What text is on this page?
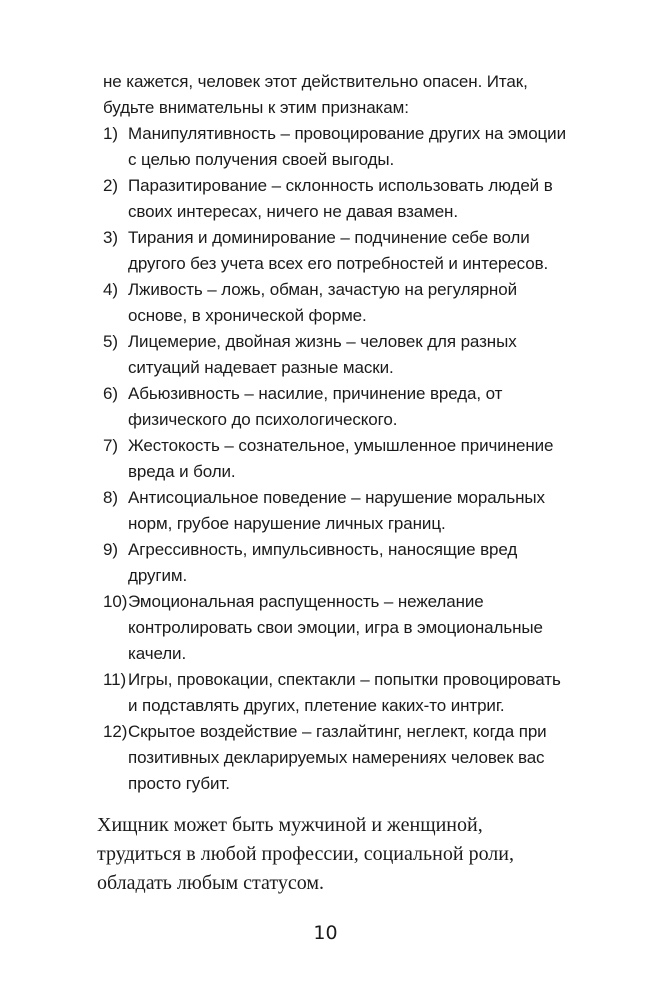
не кажется, человек этот действительно опасен. Итак, будьте внимательны к этим признакам:

1) Манипулятивность – провоцирование других на эмоции с целью получения своей выгоды.
2) Паразитирование – склонность использовать людей в своих интересах, ничего не давая взамен.
3) Тирания и доминирование – подчинение себе воли другого без учета всех его потребностей и интересов.
4) Лживость – ложь, обман, зачастую на регулярной основе, в хронической форме.
5) Лицемерие, двойная жизнь – человек для разных ситуаций надевает разные маски.
6) Абьюзивность – насилие, причинение вреда, от физического до психологического.
7) Жестокость – сознательное, умышленное причинение вреда и боли.
8) Антисоциальное поведение – нарушение моральных норм, грубое нарушение личных границ.
9) Агрессивность, импульсивность, наносящие вред другим.
10) Эмоциональная распущенность – нежелание контролировать свои эмоции, игра в эмоциональные качели.
11) Игры, провокации, спектакли – попытки провоцировать и подставлять других, плетение каких-то интриг.
12) Скрытое воздействие – газлайтинг, неглект, когда при позитивных декларируемых намерениях человек вас просто губит.

Хищник может быть мужчиной и женщиной, трудиться в любой профессии, социальной роли, обладать любым статусом.

10
